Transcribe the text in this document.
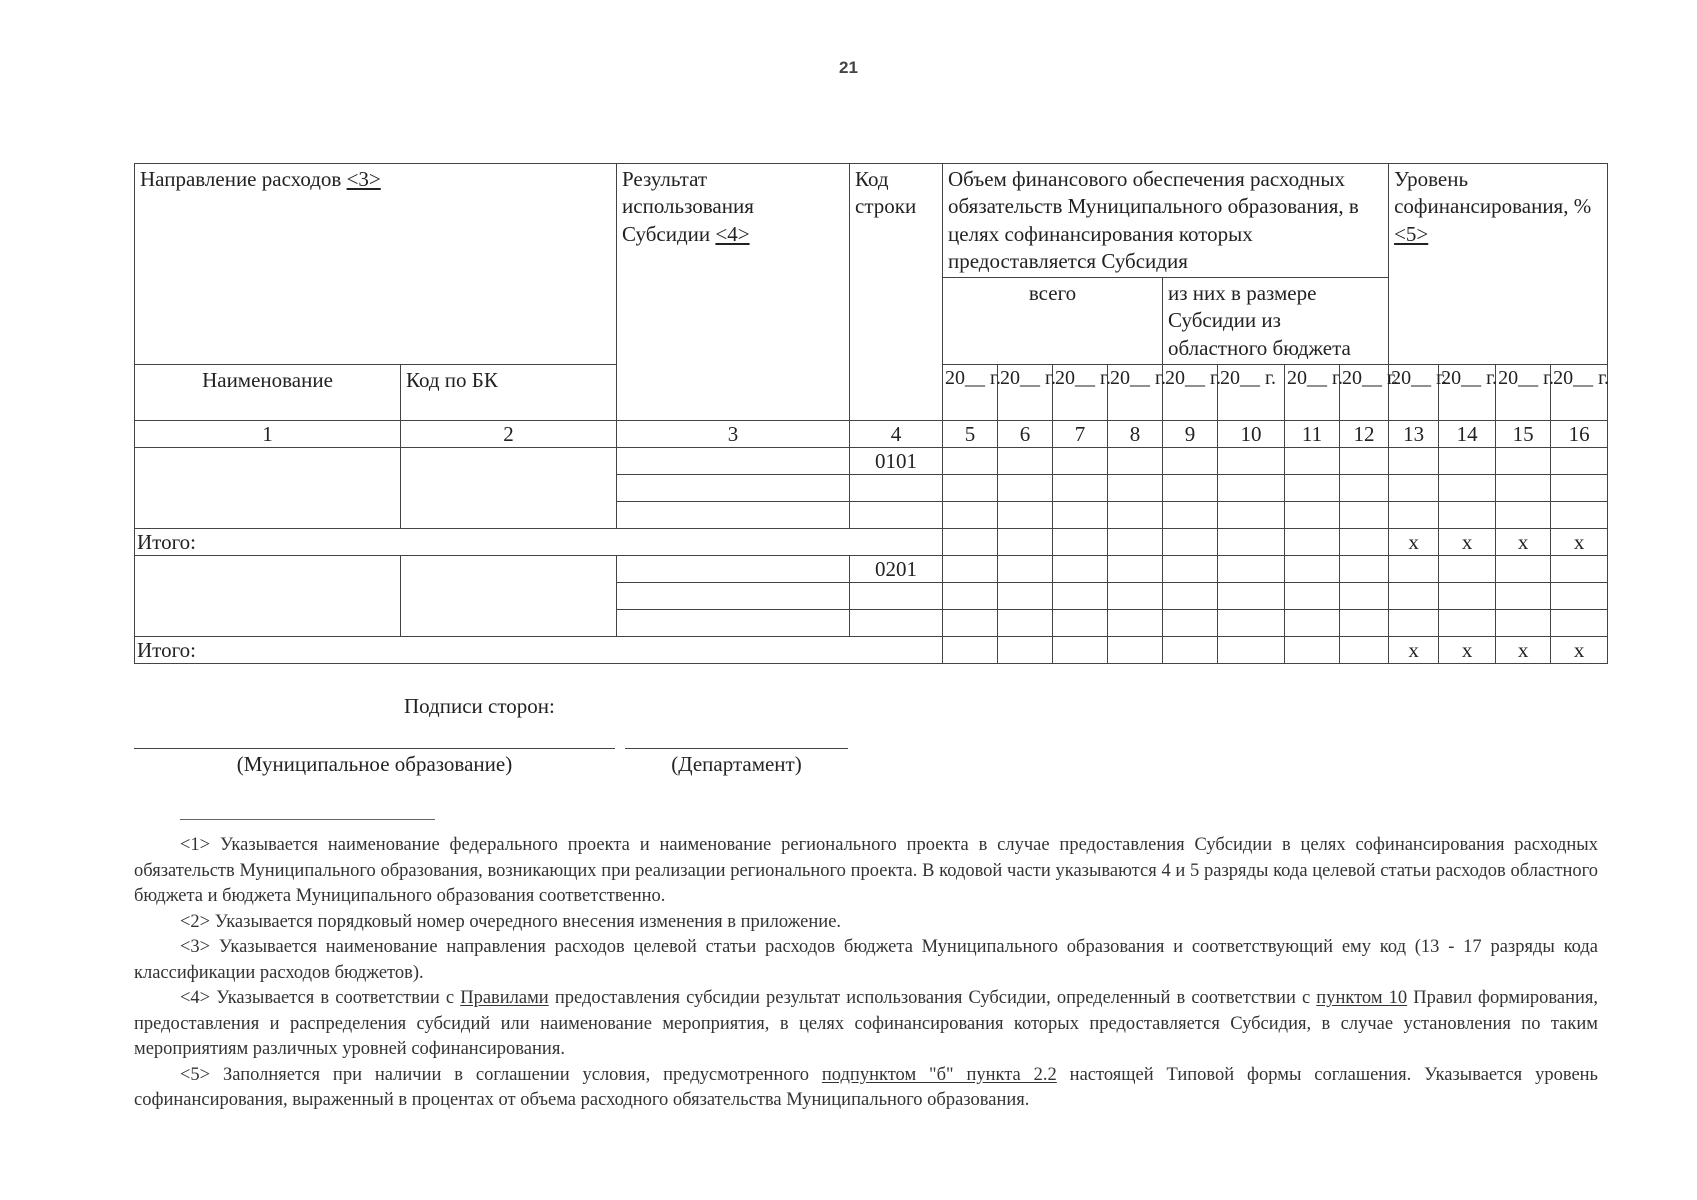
21
Направление расходов <3>		Результат использования Субсидии <4>	Код строки	Объем финансового обеспечения расходных обязательств Муниципального образования, в целях софинансирования которых предоставляется Субсидия								Уровень софинансирования, % <5>			
				всего				из них в размере Субсидии из областного бюджета							
Наименование	Код по БК			20__ г.	20__ г.	20__ г.	20__ г.	20__ г.	20__ г.	20__ г.	20__ г.	20__ г.	20__ г.	20__ г.	20__ г.
1	2	3	4	5	6	7	8	9	10	11	12	13	14	15	16
			0101												

Итого:												x	x	x	x
			0201												

Итого:												x	x	x	x
Подписи сторон:
(Муниципальное образование)	(Департамент)

<1> Указывается наименование федерального проекта и наименование регионального проекта в случае предоставления Субсидии в целях софинансирования расходных обязательств Муниципального образования, возникающих при реализации регионального проекта. В кодовой части указываются 4 и 5 разряды кода целевой статьи расходов областного бюджета и бюджета Муниципального образования соответственно.

<2> Указывается порядковый номер очередного внесения изменения в приложение.

<3> Указывается наименование направления расходов целевой статьи расходов бюджета Муниципального образования и соответствующий ему код (13 - 17 разряды кода классификации расходов бюджетов).

<4> Указывается в соответствии с Правилами предоставления субсидии результат использования Субсидии, определенный в соответствии с пунктом 10 Правил формирования, предоставления и распределения субсидий или наименование мероприятия, в целях софинансирования которых предоставляется Субсидия, в случае установления по таким мероприятиям различных уровней софинансирования.

<5> Заполняется при наличии в соглашении условия, предусмотренного подпунктом "б" пункта 2.2 настоящей Типовой формы соглашения. Указывается уровень софинансирования, выраженный в процентах от объема расходного обязательства Муниципального образования.
